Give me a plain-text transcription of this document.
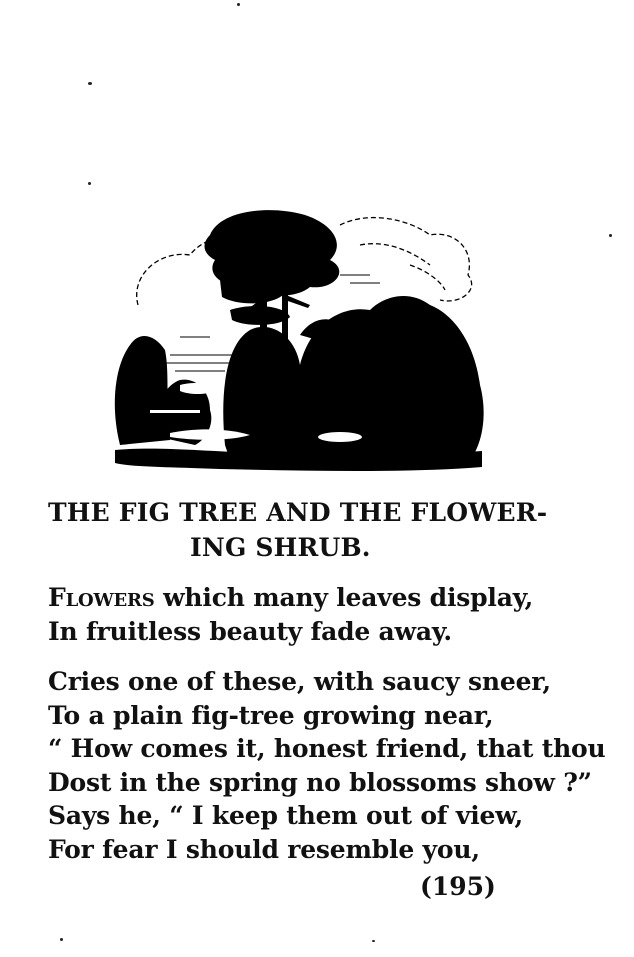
THE FIG TREE AND THE FLOWER-
ING SHRUB.
FLOWERS which many leaves display,
In fruitless beauty fade away.
Cries one of these, with saucy sneer,
To a plain fig-tree growing near,
“ How comes it, honest friend, that thou
Dost in the spring no blossoms show ?”
Says he, “ I keep them out of view,
For fear I should resemble you,
(195)
